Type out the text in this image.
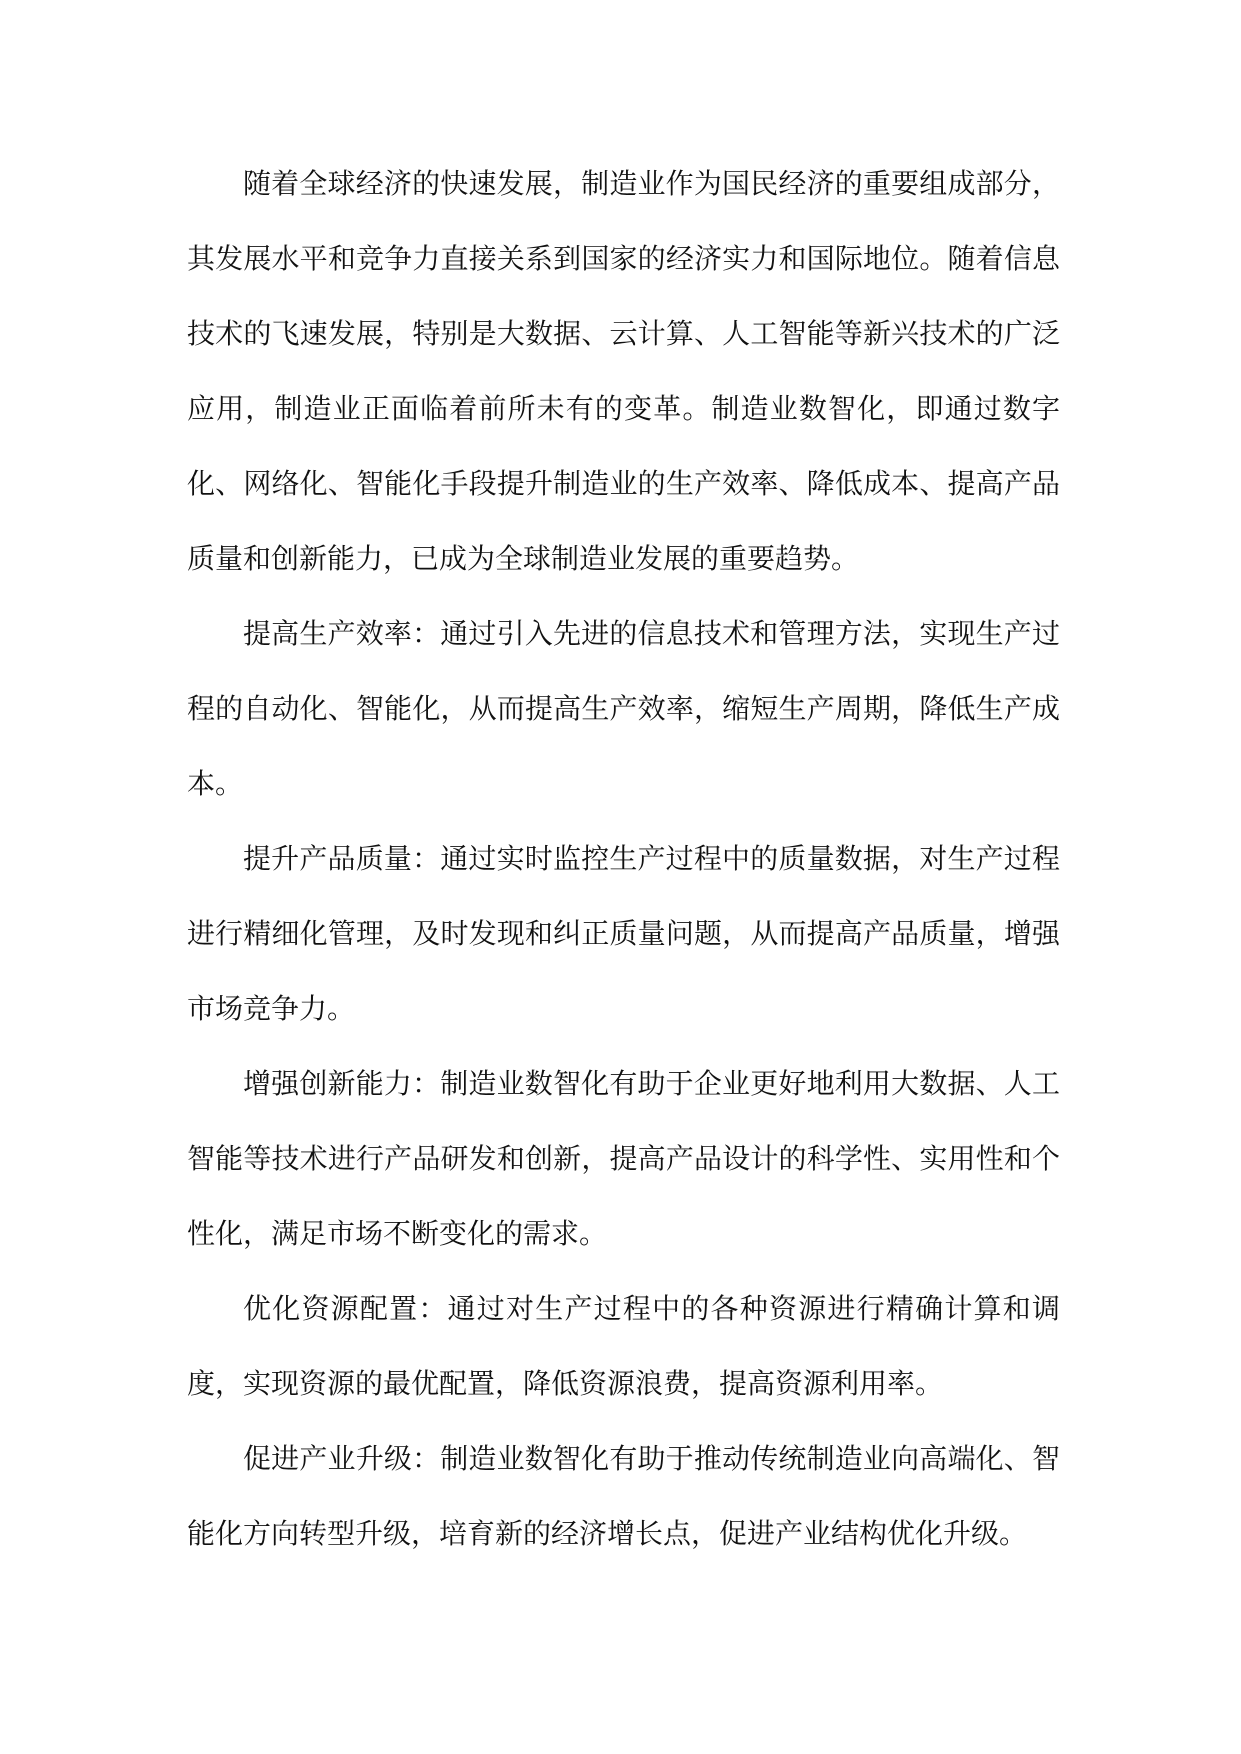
随着全球经济的快速发展，制造业作为国民经济的重要组成部分，其发展水平和竞争力直接关系到国家的经济实力和国际地位。随着信息技术的飞速发展，特别是大数据、云计算、人工智能等新兴技术的广泛应用，制造业正面临着前所未有的变革。制造业数智化，即通过数字化、网络化、智能化手段提升制造业的生产效率、降低成本、提高产品质量和创新能力，已成为全球制造业发展的重要趋势。

提高生产效率：通过引入先进的信息技术和管理方法，实现生产过程的自动化、智能化，从而提高生产效率，缩短生产周期，降低生产成本。

提升产品质量：通过实时监控生产过程中的质量数据，对生产过程进行精细化管理，及时发现和纠正质量问题，从而提高产品质量，增强市场竞争力。

增强创新能力：制造业数智化有助于企业更好地利用大数据、人工智能等技术进行产品研发和创新，提高产品设计的科学性、实用性和个性化，满足市场不断变化的需求。

优化资源配置：通过对生产过程中的各种资源进行精确计算和调度，实现资源的最优配置，降低资源浪费，提高资源利用率。

促进产业升级：制造业数智化有助于推动传统制造业向高端化、智能化方向转型升级，培育新的经济增长点，促进产业结构优化升级。
